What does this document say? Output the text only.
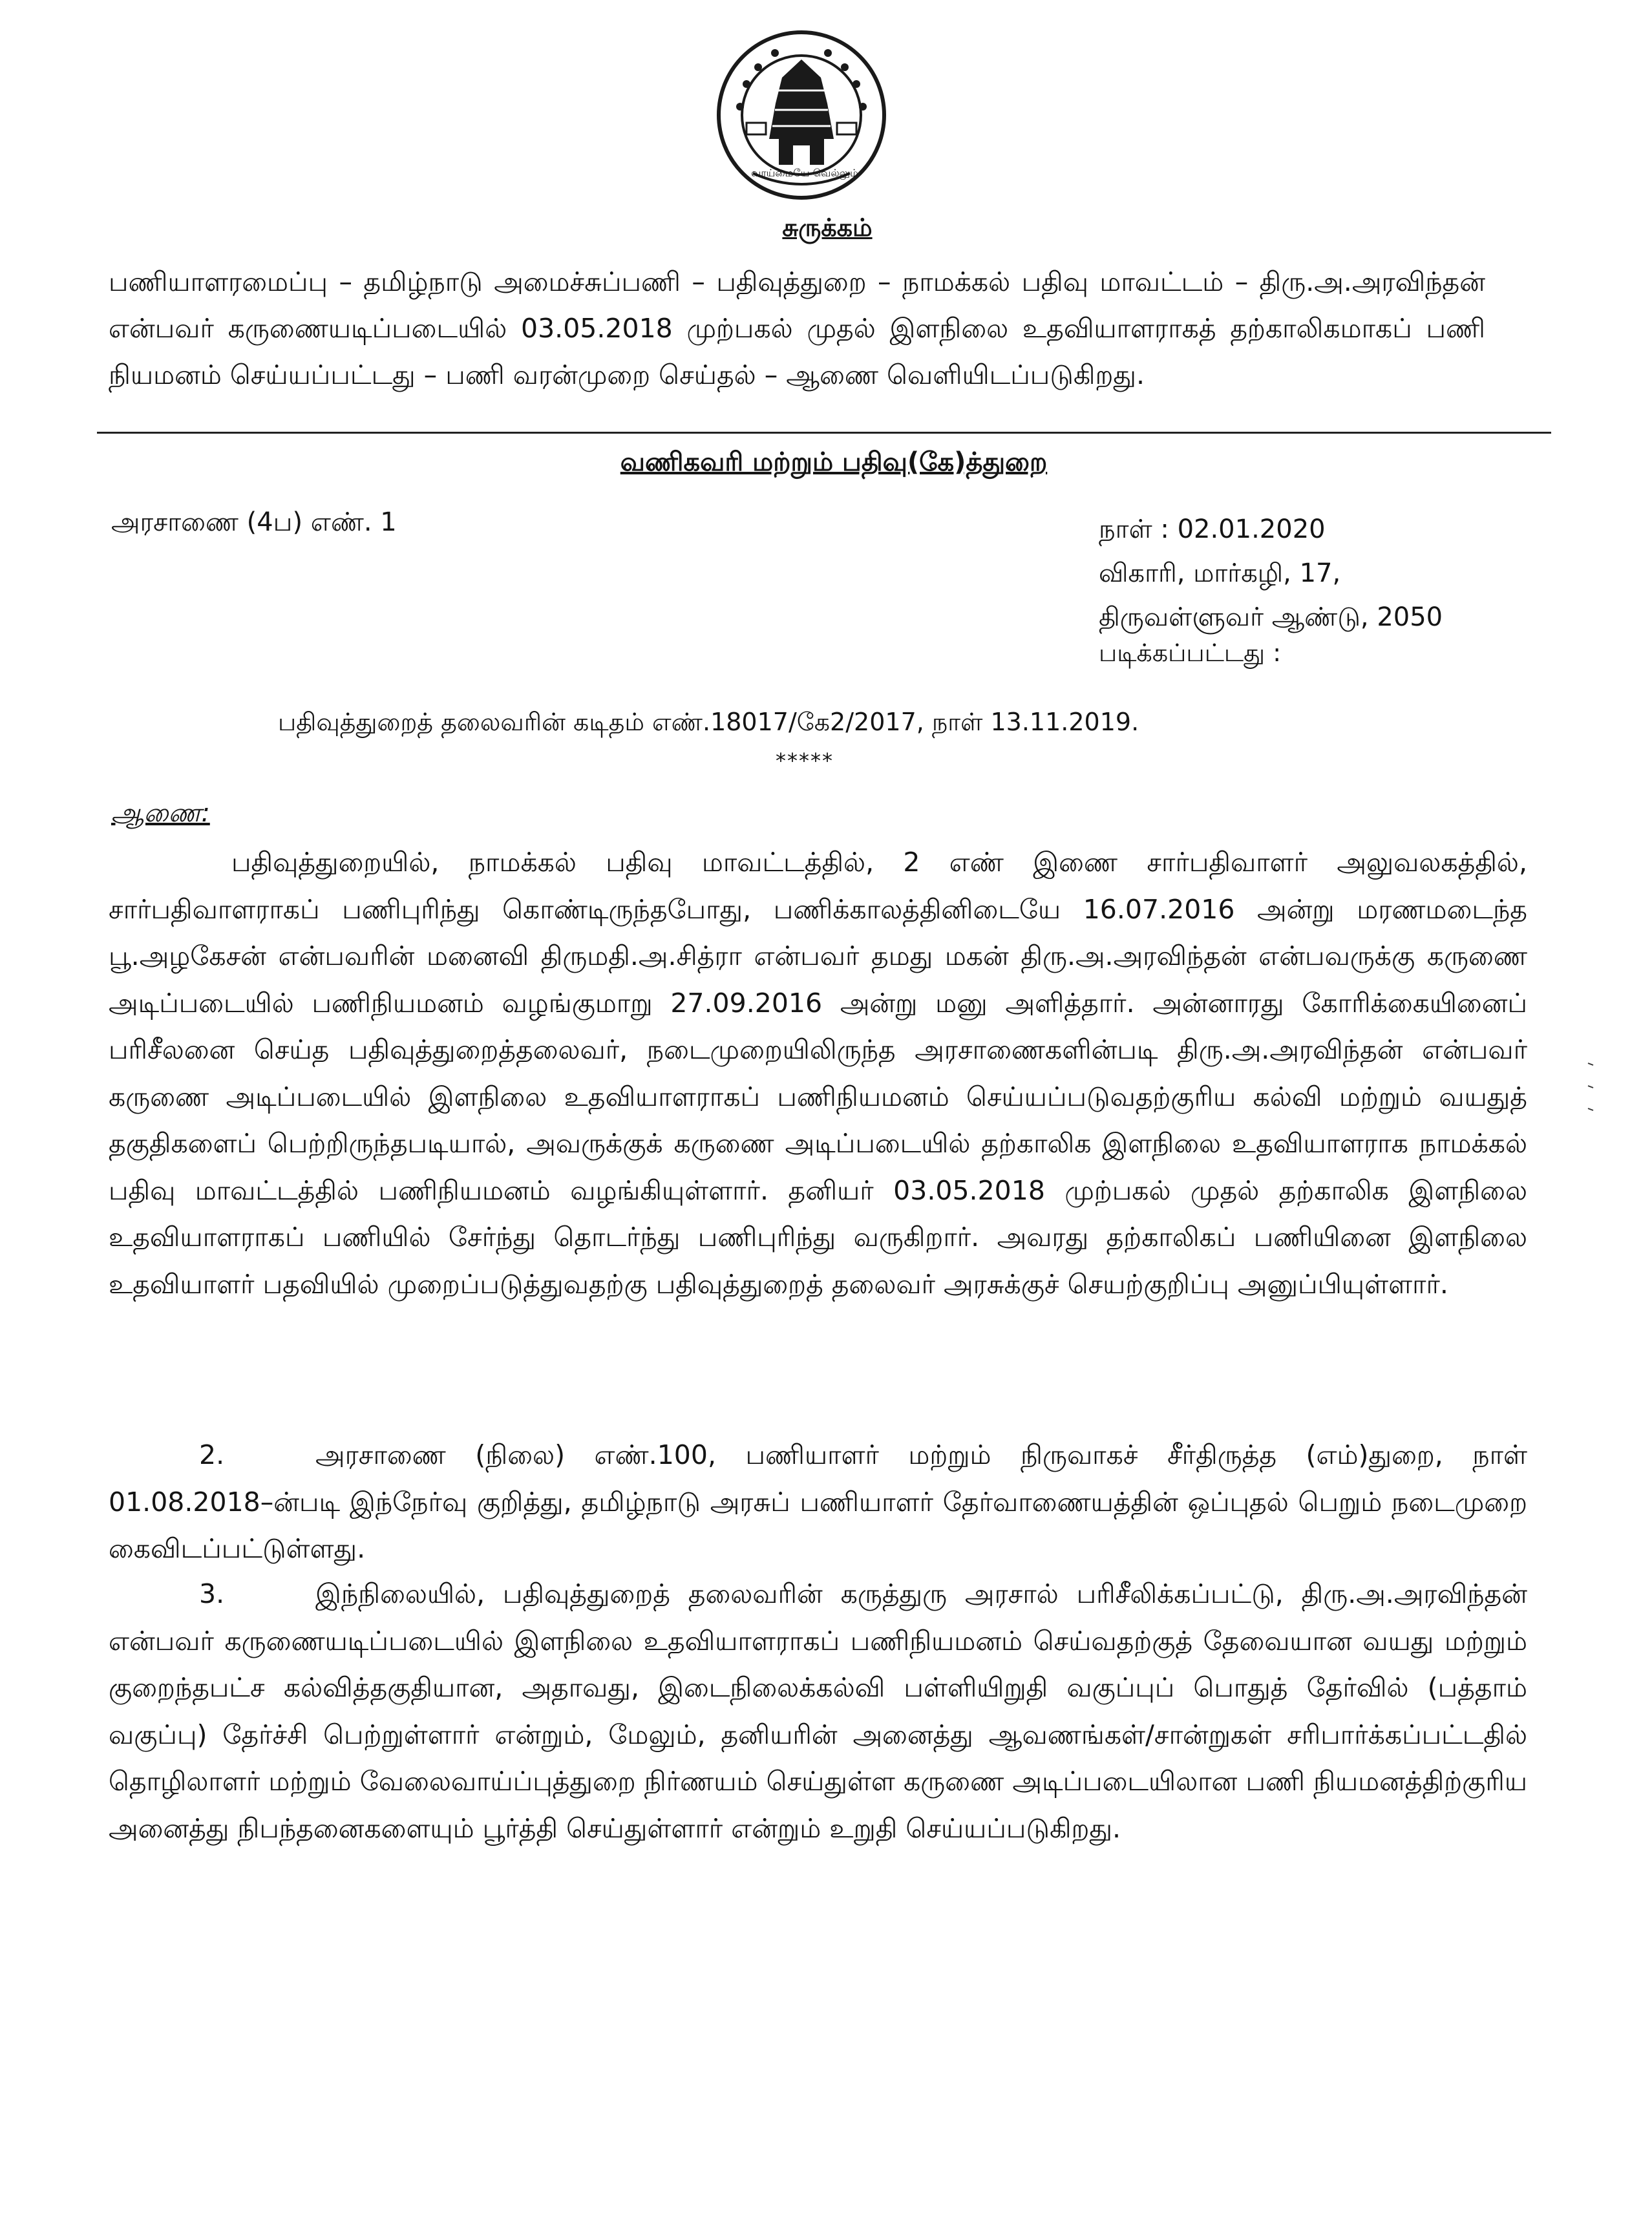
வாய்மையே வெல்லும்
சுருக்கம்
பணியாளரமைப்பு – தமிழ்நாடு அமைச்சுப்பணி – பதிவுத்துறை – நாமக்கல் பதிவு மாவட்டம் – திரு.அ.அரவிந்தன் என்பவர் கருணையடிப்படையில் 03.05.2018 முற்பகல் முதல் இளநிலை உதவியாளராகத் தற்காலிகமாகப் பணி நியமனம் செய்யப்பட்டது – பணி வரன்முறை செய்தல் – ஆணை வெளியிடப்படுகிறது.
வணிகவரி மற்றும் பதிவு(கே)த்துறை
அரசாணை (4ப) எண். 1	நாள் : 02.01.2020
விகாரி, மார்கழி, 17,
திருவள்ளுவர் ஆண்டு, 2050
படிக்கப்பட்டது :
பதிவுத்துறைத் தலைவரின் கடிதம் எண்.18017/கே2/2017, நாள் 13.11.2019.
*****
ஆணை:
பதிவுத்துறையில், நாமக்கல் பதிவு மாவட்டத்தில், 2 எண் இணை சார்பதிவாளர் அலுவலகத்தில், சார்பதிவாளராகப் பணிபுரிந்து கொண்டிருந்தபோது, பணிக்காலத்தினிடையே 16.07.2016 அன்று மரணமடைந்த பூ.அழகேசன் என்பவரின் மனைவி திருமதி.அ.சித்ரா என்பவர் தமது மகன் திரு.அ.அரவிந்தன் என்பவருக்கு கருணை அடிப்படையில் பணிநியமனம் வழங்குமாறு 27.09.2016 அன்று மனு அளித்தார். அன்னாரது கோரிக்கையினைப் பரிசீலனை செய்த பதிவுத்துறைத்தலைவர், நடைமுறையிலிருந்த அரசாணைகளின்படி திரு.அ.அரவிந்தன் என்பவர் கருணை அடிப்படையில் இளநிலை உதவியாளராகப் பணிநியமனம் செய்யப்படுவதற்குரிய கல்வி மற்றும் வயதுத் தகுதிகளைப் பெற்றிருந்தபடியால், அவருக்குக் கருணை அடிப்படையில் தற்காலிக இளநிலை உதவியாளராக நாமக்கல் பதிவு மாவட்டத்தில் பணிநியமனம் வழங்கியுள்ளார். தனியர் 03.05.2018 முற்பகல் முதல் தற்காலிக இளநிலை உதவியாளராகப் பணியில் சேர்ந்து தொடர்ந்து பணிபுரிந்து வருகிறார். அவரது தற்காலிகப் பணியினை இளநிலை உதவியாளர் பதவியில் முறைப்படுத்துவதற்கு பதிவுத்துறைத் தலைவர் அரசுக்குச் செயற்குறிப்பு அனுப்பியுள்ளார்.
2.	அரசாணை (நிலை) எண்.100, பணியாளர் மற்றும் நிருவாகச் சீர்திருத்த (எம்)துறை, நாள் 01.08.2018–ன்படி இந்நேர்வு குறித்து, தமிழ்நாடு அரசுப் பணியாளர் தேர்வாணையத்தின் ஒப்புதல் பெறும் நடைமுறை கைவிடப்பட்டுள்ளது.
3.	இந்நிலையில், பதிவுத்துறைத் தலைவரின் கருத்துரு அரசால் பரிசீலிக்கப்பட்டு, திரு.அ.அரவிந்தன் என்பவர் கருணையடிப்படையில் இளநிலை உதவியாளராகப் பணிநியமனம் செய்வதற்குத் தேவையான வயது மற்றும் குறைந்தபட்ச கல்வித்தகுதியான, அதாவது, இடைநிலைக்கல்வி பள்ளியிறுதி வகுப்புப் பொதுத் தேர்வில் (பத்தாம் வகுப்பு) தேர்ச்சி பெற்றுள்ளார் என்றும், மேலும், தனியரின் அனைத்து ஆவணங்கள்/சான்றுகள் சரிபார்க்கப்பட்டதில் தொழிலாளர் மற்றும் வேலைவாய்ப்புத்துறை நிர்ணயம் செய்துள்ள கருணை அடிப்படையிலான பணி நியமனத்திற்குரிய அனைத்து நிபந்தனைகளையும் பூர்த்தி செய்துள்ளார் என்றும் உறுதி செய்யப்படுகிறது.
